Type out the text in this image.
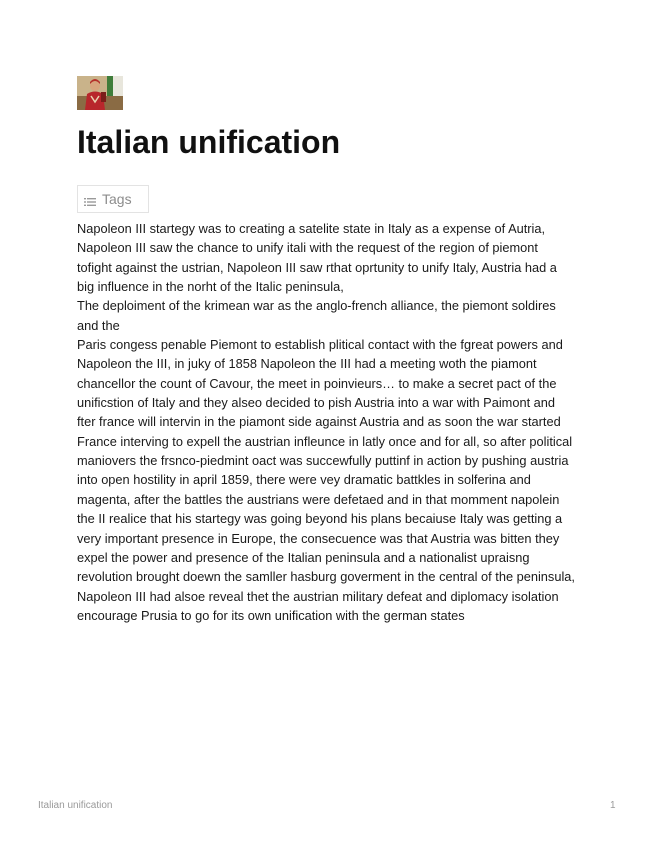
Italian unification
Tags

Napoleon III startegy was to creating a satelite state in Italy as a expense of Autria,

Napoleon III saw the chance to unify itali with the request of the region of piemont

tofight against the ustrian, Napoleon III saw rthat oprtunity to unify Italy, Austria had a

big influence in the norht of the Italic peninsula,

The deploiment of the krimean war as the anglo-french alliance, the piemont soldires

and the

Paris congess penable Piemont to establish plitical contact with the fgreat powers and

Napoleon the III, in juky of 1858 Napoleon the III had a meeting woth the piamont

chancellor the count of Cavour, the meet in poinvieurs… to make a secret pact of the

unificstion of Italy and they alseo decided to pish Austria into a war with Paimont and

fter france will intervin in the piamont side against Austria and as soon the war started

France interving to expell the austrian infleunce in latly once and for all, so after political

maniovers the frsnco-piedmint oact was succewfully puttinf in action by pushing austria

into open hostility in april 1859, there were vey dramatic battkles in solferina and

magenta, after the battles the austrians were defetaed and in that momment napolein

the II realice that his startegy was going beyond his plans becaiuse Italy was getting a

very important presence in Europe, the consecuence was that Austria was bitten they

expel the power and presence of the Italian peninsula and a nationalist upraisng

revolution brought doewn the samller hasburg goverment in the central of the peninsula,

Napoleon III had alsoe reveal thet the austrian military defeat and diplomacy isolation

encourage Prusia to go for its own unification with the german states

Italian unification	1
